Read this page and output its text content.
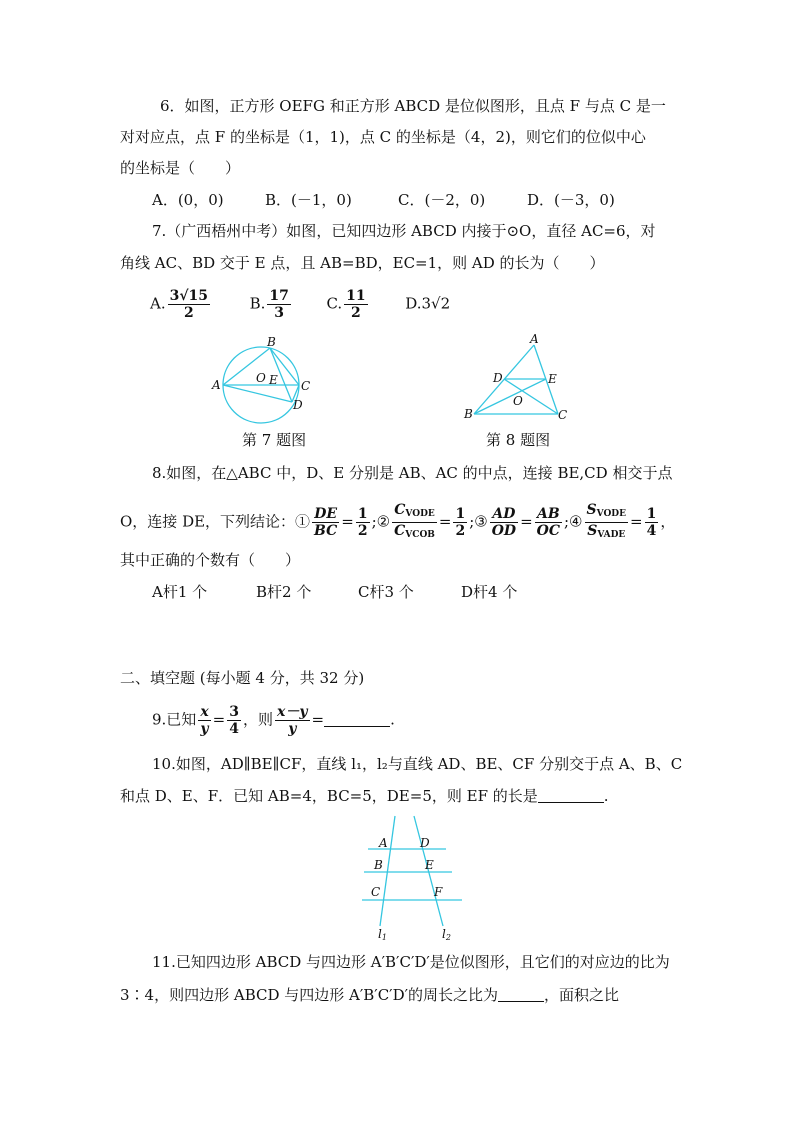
6．如图，正方形 OEFG 和正方形 ABCD 是位似图形，且点 F 与点 C 是一
对对应点，点 F 的坐标是（1，1)，点 C 的坐标是（4，2)，则它们的位似中心
的坐标是（　　）
A．(0，0)	B．(－1，0)	C．(－2，0)	D．(－3，0)
7.（广西梧州中考）如图，已知四边形 ABCD 内接于⊙O，直径 AC=6，对
角线 AC、BD 交于 E 点，且 AB=BD，EC=1，则 AD 的长为（　　）
A. $\frac{3√15}{2}$	B. $\frac{17}{3} C$. $\frac{11}{2}$	D.3√2
A
B
C
D
O E
第 7 题图
A
B	C
D	E
O
第 8 题图
8.如图，在△ABC 中，D、E 分别是 AB、AC 的中点，连接 BE,CD 相交于点
O，连接 DE，下列结论：① $\frac{DE}{BC} = \frac{1}{2}$ ;② $\frac{C_{VODE}}{C_{VCOB}} = \frac{1}{2}$ ;③ $\frac{AD}{OD} = \frac{AB}{OC}$ ;④ $\frac{S_{VODE}}{S_{VADE}} = \frac{1}{4}$ ，
其中正确的个数有（　　）
A杆1 个	B杆2 个	C杆3 个	D杆4 个
二、填空题 (每小题 4 分，共 32 分)
9.已知 $\frac{x}{y} = \frac{3}{4}$ ，则 $\frac{x-y}{y}$ =	.
10.如图，AD∥BE∥CF，直线 l₁，l₂与直线 AD、BE、CF 分别交于点 A、B、C
和点 D、E、F．已知 AB=4，BC=5，DE=5，则 EF 的长是	.
A	D
B	E
C	F
l1	l2
11.已知四边形 ABCD 与四边形 A′B′C′D′是位似图形，且它们的对应边的比为
3∶4，则四边形 ABCD 与四边形 A′B′C′D′的周长之比为	，面积之比
